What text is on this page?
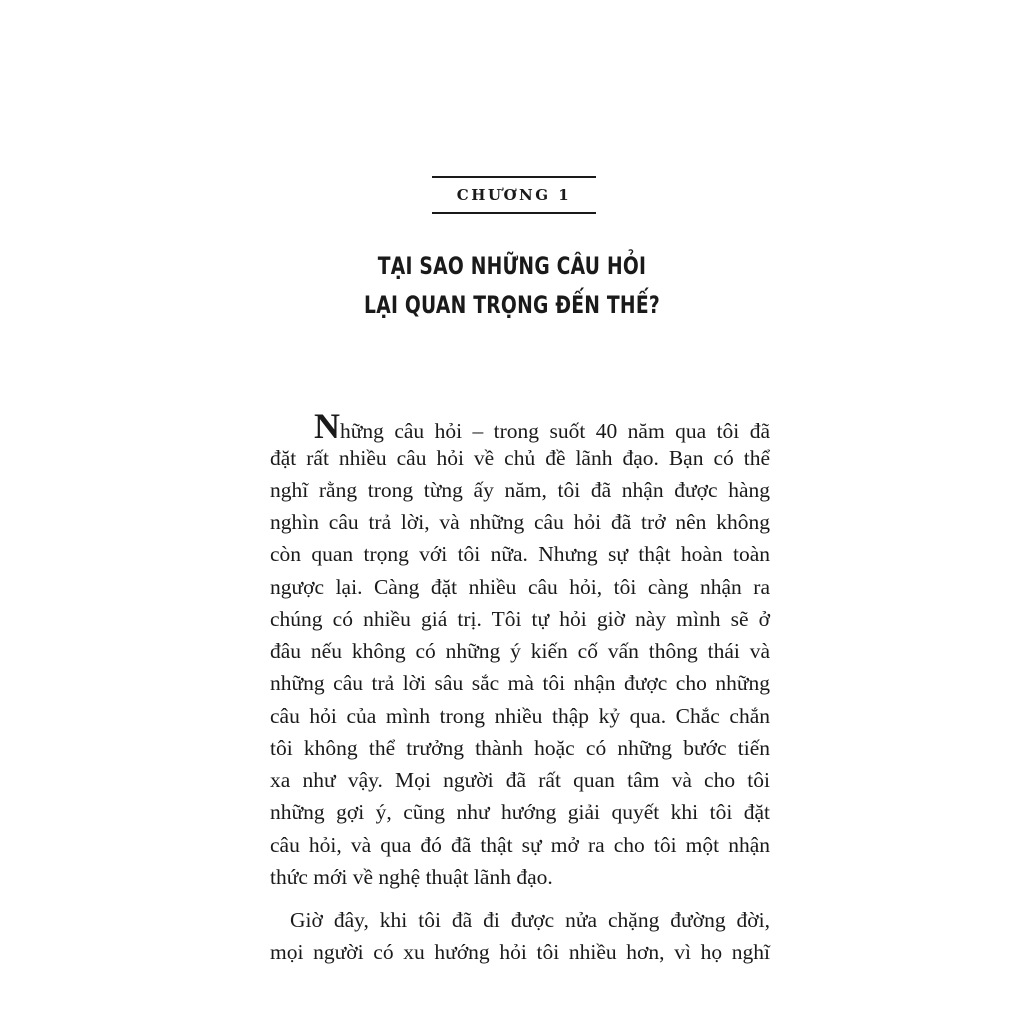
CHƯƠNG 1
TẠI SAO NHỮNG CÂU HỎI
LẠI QUAN TRỌNG ĐẾN THẾ?
Những câu hỏi – trong suốt 40 năm qua tôi đã
đặt rất nhiều câu hỏi về chủ đề lãnh đạo. Bạn có thể
nghĩ rằng trong từng ấy năm, tôi đã nhận được hàng
nghìn câu trả lời, và những câu hỏi đã trở nên không
còn quan trọng với tôi nữa. Nhưng sự thật hoàn toàn
ngược lại. Càng đặt nhiều câu hỏi, tôi càng nhận ra
chúng có nhiều giá trị. Tôi tự hỏi giờ này mình sẽ ở
đâu nếu không có những ý kiến cố vấn thông thái và
những câu trả lời sâu sắc mà tôi nhận được cho những
câu hỏi của mình trong nhiều thập kỷ qua. Chắc chắn
tôi không thể trưởng thành hoặc có những bước tiến
xa như vậy. Mọi người đã rất quan tâm và cho tôi
những gợi ý, cũng như hướng giải quyết khi tôi đặt
câu hỏi, và qua đó đã thật sự mở ra cho tôi một nhận
thức mới về nghệ thuật lãnh đạo.
Giờ đây, khi tôi đã đi được nửa chặng đường đời,
mọi người có xu hướng hỏi tôi nhiều hơn, vì họ nghĩ
